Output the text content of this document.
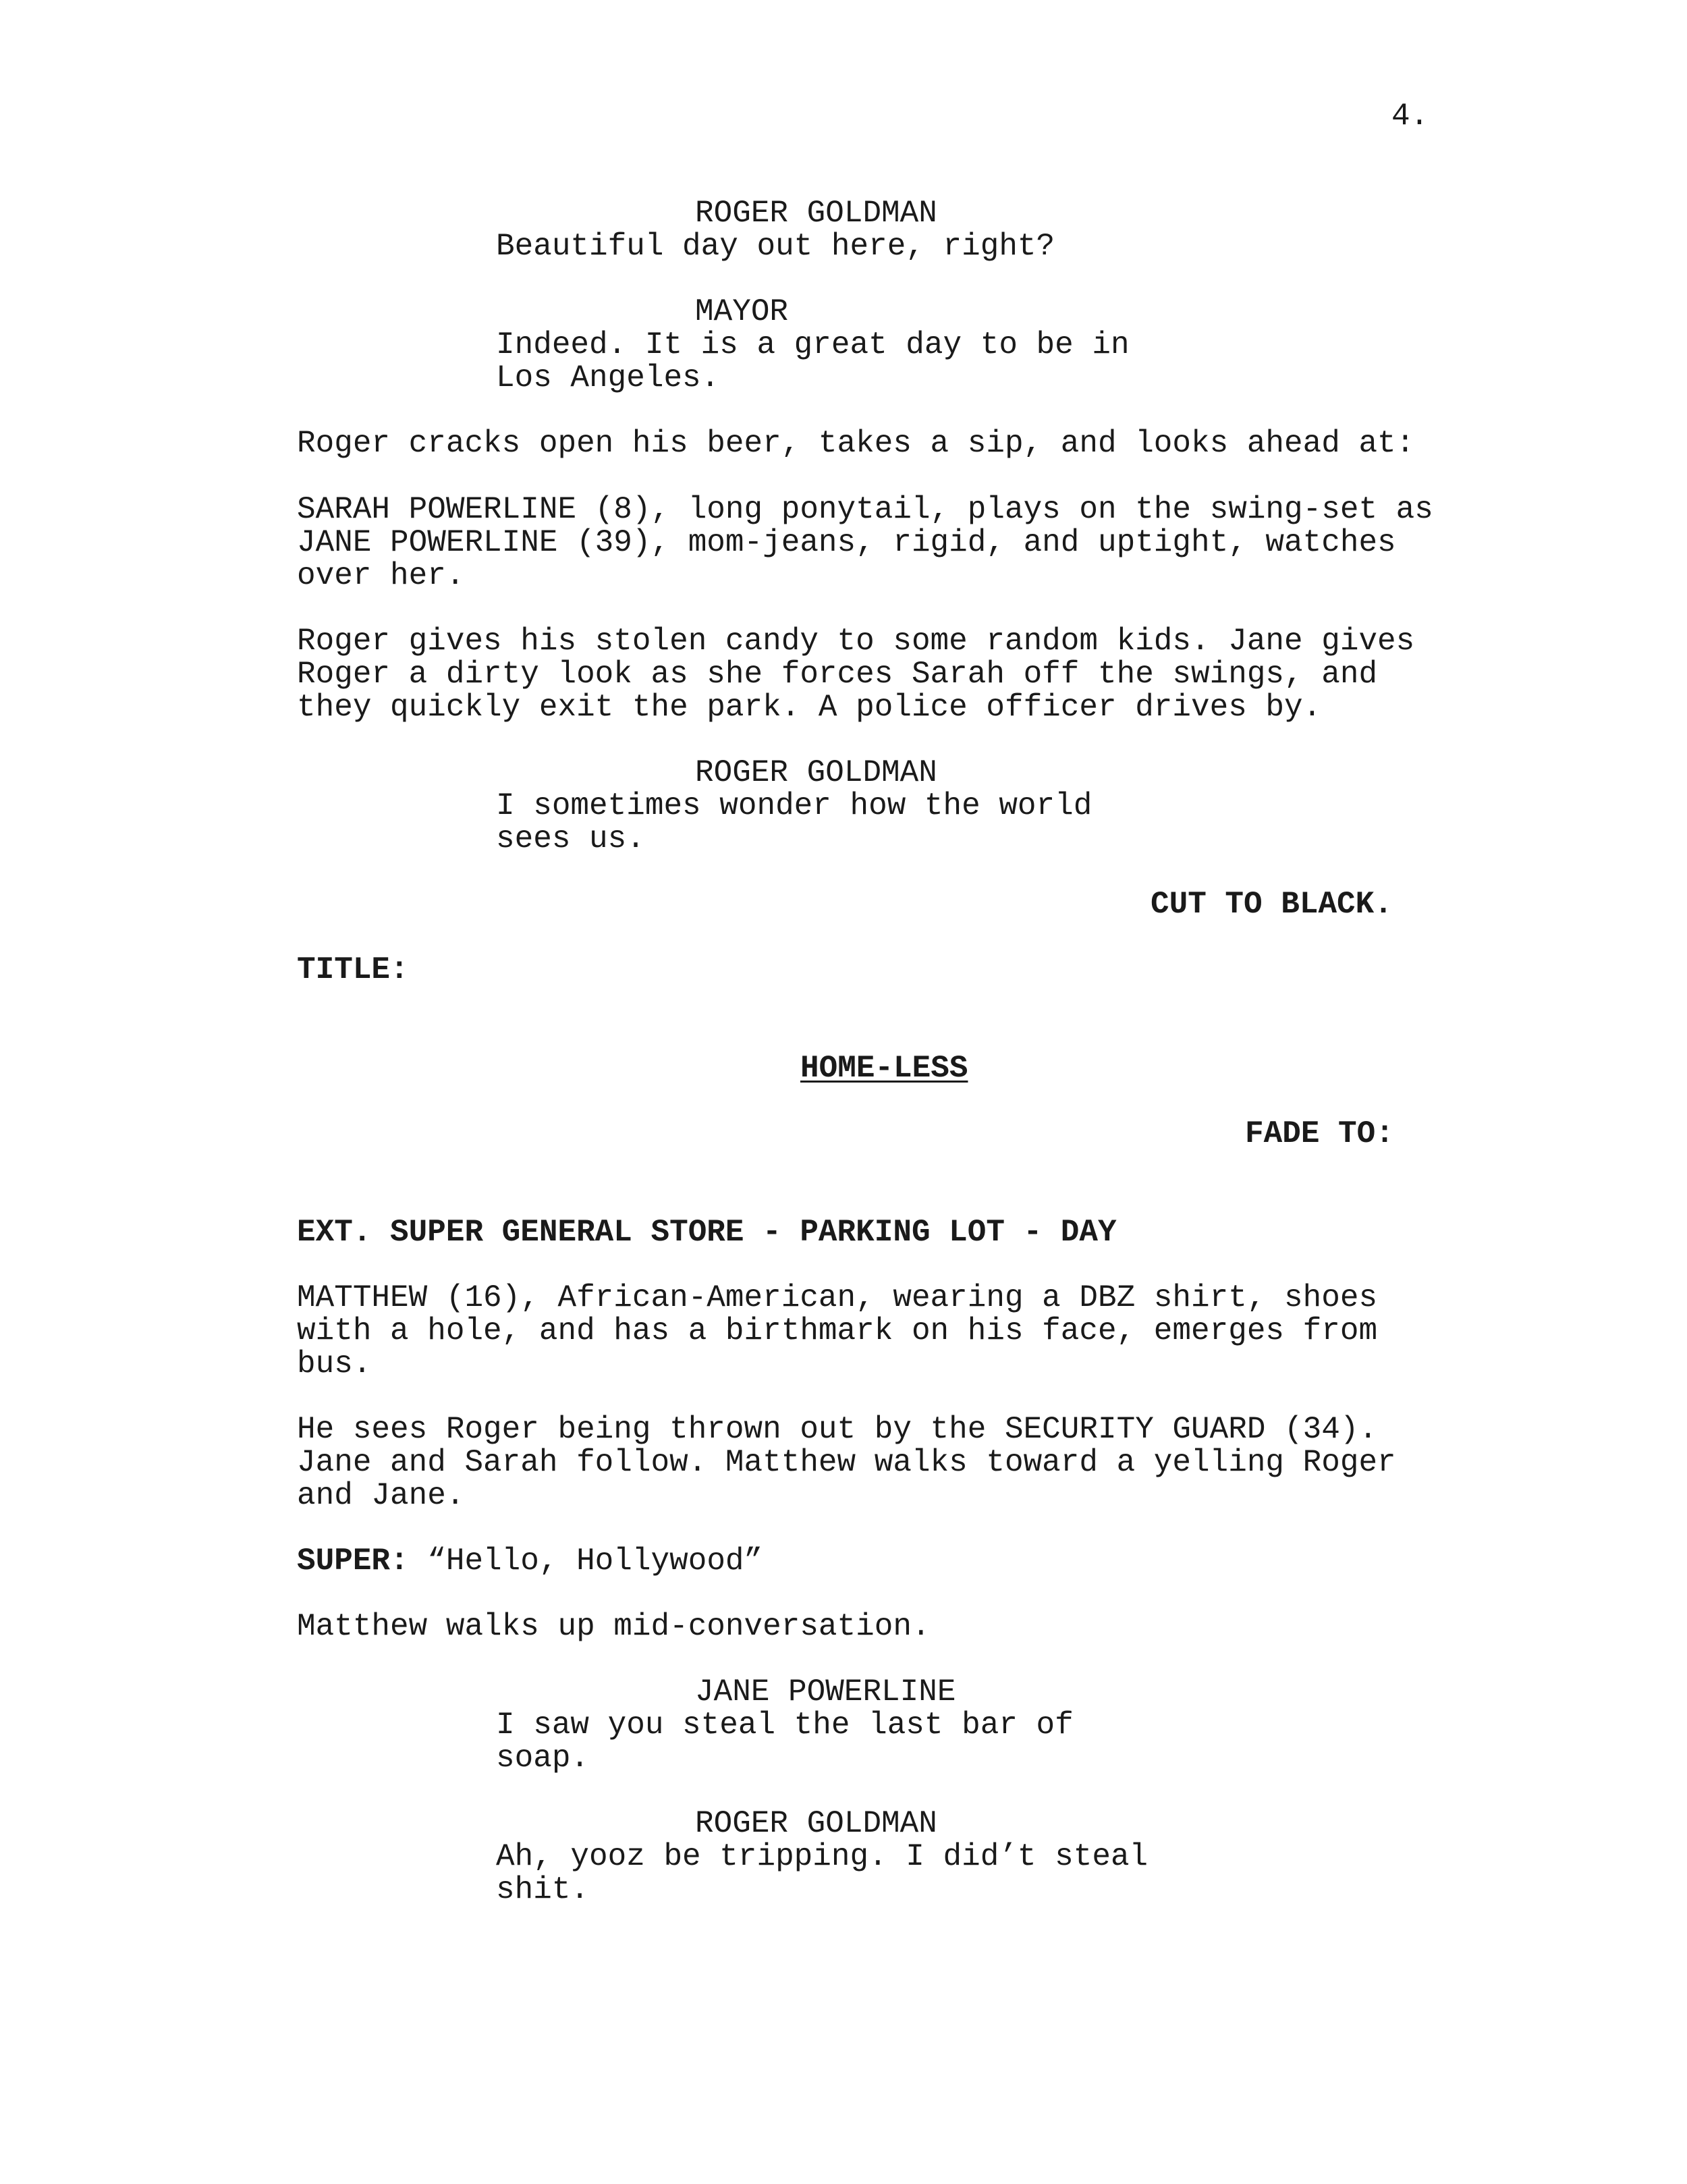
4.
ROGER GOLDMAN
Beautiful day out here, right?
MAYOR
Indeed. It is a great day to be in
Los Angeles.
Roger cracks open his beer, takes a sip, and looks ahead at:
SARAH POWERLINE (8), long ponytail, plays on the swing-set as
JANE POWERLINE (39), mom-jeans, rigid, and uptight, watches
over her.
Roger gives his stolen candy to some random kids. Jane gives
Roger a dirty look as she forces Sarah off the swings, and
they quickly exit the park. A police officer drives by.
ROGER GOLDMAN
I sometimes wonder how the world
sees us.
CUT TO BLACK.
TITLE:
HOME-LESS
FADE TO:
EXT. SUPER GENERAL STORE - PARKING LOT - DAY
MATTHEW (16), African-American, wearing a DBZ shirt, shoes
with a hole, and has a birthmark on his face, emerges from
bus.
He sees Roger being thrown out by the SECURITY GUARD (34).
Jane and Sarah follow. Matthew walks toward a yelling Roger
and Jane.
SUPER: “Hello, Hollywood”
Matthew walks up mid-conversation.
JANE POWERLINE
I saw you steal the last bar of
soap.
ROGER GOLDMAN
Ah, yooz be tripping. I did’t steal
shit.
